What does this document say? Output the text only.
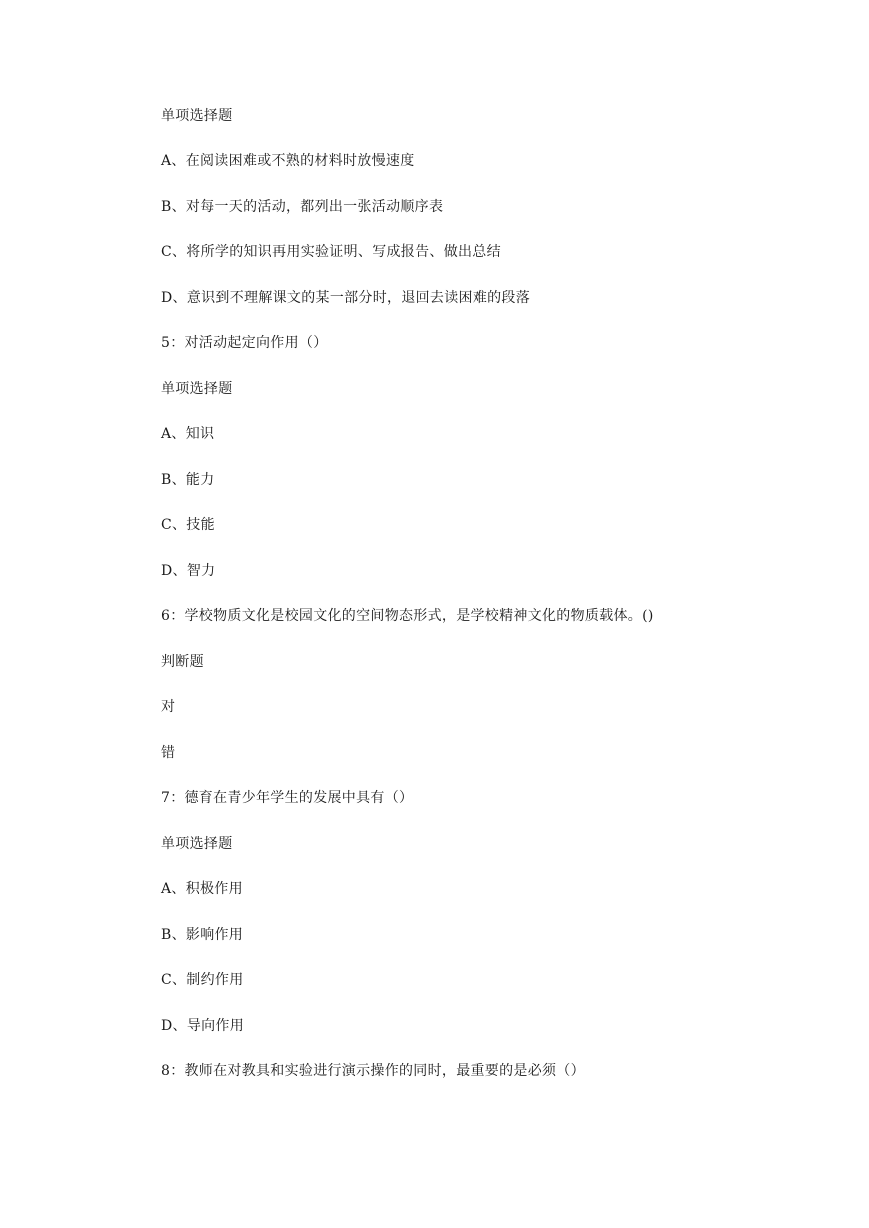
单项选择题
A、在阅读困难或不熟的材料时放慢速度
B、对每一天的活动，都列出一张活动顺序表
C、将所学的知识再用实验证明、写成报告、做出总结
D、意识到不理解课文的某一部分时，退回去读困难的段落
5：对活动起定向作用（）
单项选择题
A、知识
B、能力
C、技能
D、智力
6：学校物质文化是校园文化的空间物态形式，是学校精神文化的物质载体。()
判断题
对
错
7：德育在青少年学生的发展中具有（）
单项选择题
A、积极作用
B、影响作用
C、制约作用
D、导向作用
8：教师在对教具和实验进行演示操作的同时，最重要的是必须（）
